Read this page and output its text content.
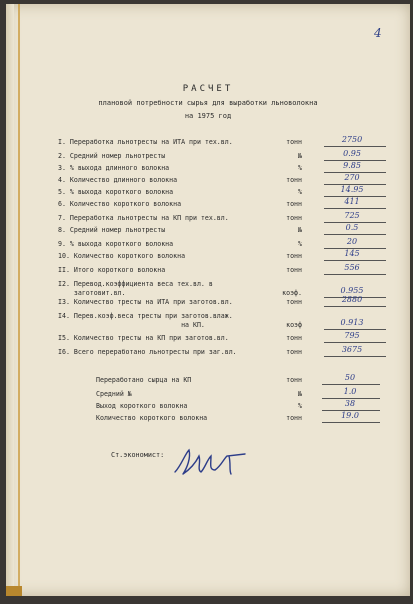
4
РАСЧЕТ
плановой потребности сырья для выработки льноволокна
на 1975 год
I. Переработка льнотресты на ИТА при тех.вл.	тонн	2750
2. Средний номер льнотресты	№	0.95
3. % выхода длинного волокна	%	9.85
4. Количество длинного волокна	тонн	270
5. % выхода короткого волокна	%	14.95
6. Количество короткого волокна	тонн	411
7. Переработка льнотресты на КП при тех.вл.	тонн	725
8. Средний номер льнотресты	№	0.5
9. % выхода короткого волокна	%	20
10. Количество короткого волокна	тонн	145
II. Итого короткого волокна	тонн	556
I2. Перевод.коэффициента веса тех.вл. в
заготовит.вл.	коэф.	0.955
I3. Количество тресты на ИТА при заготов.вл.	тонн	2880
I4. Перев.коэф.веса тресты при заготов.влаж.
на КП.	коэф	0.913
I5. Количество тресты на КП при заготов.вл.	тонн	795
I6. Всего переработано льнотресты при заг.вл.	тонн	3675
Переработано сырца на КП	тонн	50
Средний №	№	1.0
Выход короткого волокна	%	38
Количество короткого волокна	тонн	19.0
Ст.экономист:
